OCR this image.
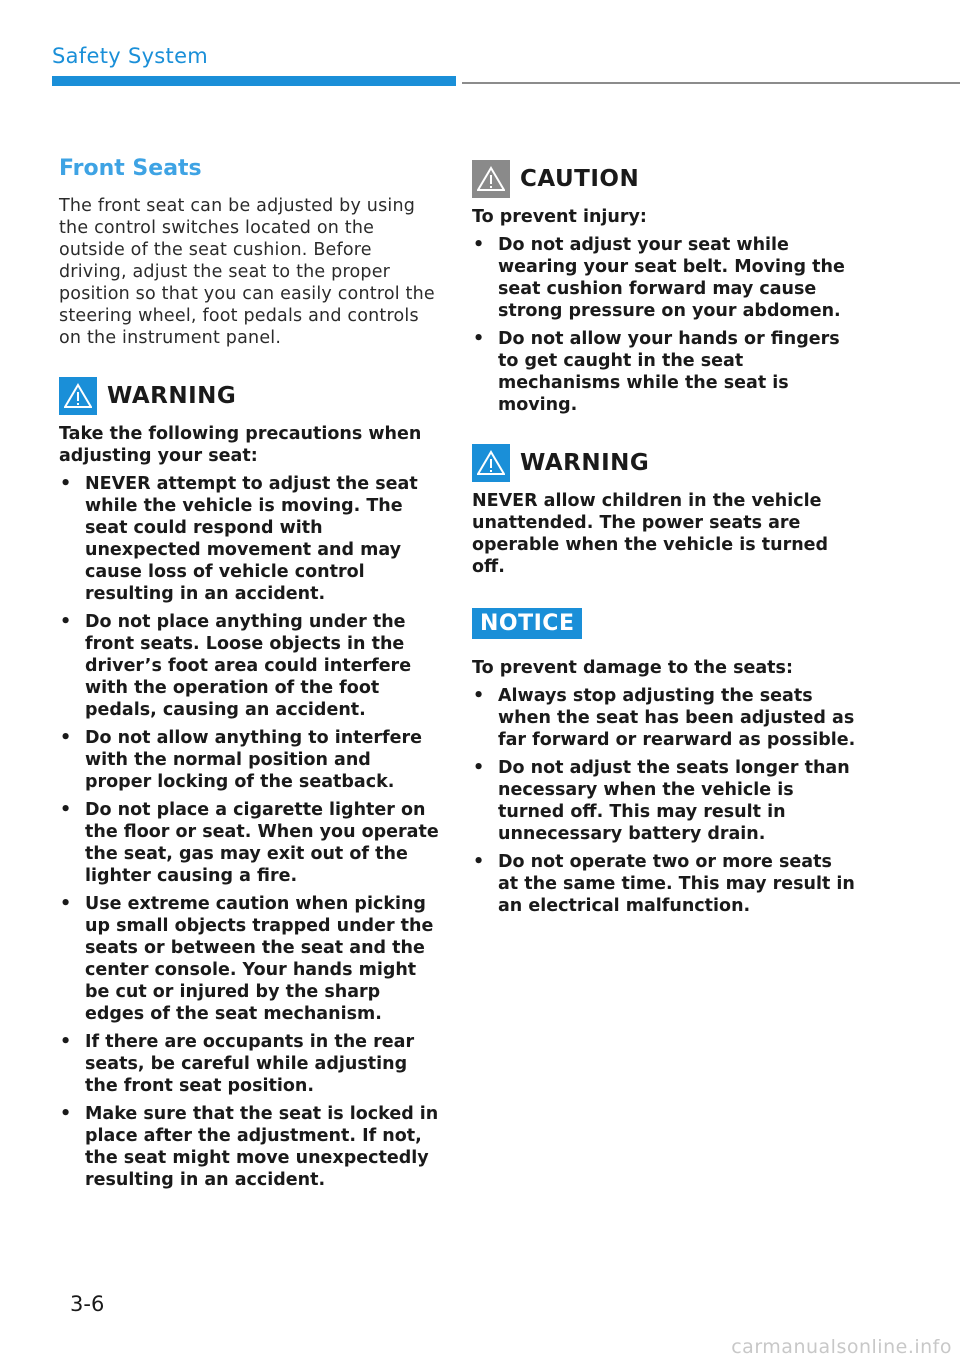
Safety System
Front Seats

The front seat can be adjusted by using the control switches located on the outside of the seat cushion. Before driving, adjust the seat to the proper position so that you can easily control the steering wheel, foot pedals and controls on the instrument panel.

WARNING

Take the following precautions when adjusting your seat:

• NEVER attempt to adjust the seat while the vehicle is moving. The seat could respond with unexpected movement and may cause loss of vehicle control resulting in an accident.
• Do not place anything under the front seats. Loose objects in the driver’s foot area could interfere with the operation of the foot pedals, causing an accident.
• Do not allow anything to interfere with the normal position and proper locking of the seatback.
• Do not place a cigarette lighter on the floor or seat. When you operate the seat, gas may exit out of the lighter causing a fire.
• Use extreme caution when picking up small objects trapped under the seats or between the seat and the center console. Your hands might be cut or injured by the sharp edges of the seat mechanism.
• If there are occupants in the rear seats, be careful while adjusting the front seat position.
• Make sure that the seat is locked in place after the adjustment. If not, the seat might move unexpectedly resulting in an accident.
CAUTION

To prevent injury:

• Do not adjust your seat while wearing your seat belt. Moving the seat cushion forward may cause strong pressure on your abdomen.
• Do not allow your hands or fingers to get caught in the seat mechanisms while the seat is moving.
WARNING

NEVER allow children in the vehicle unattended. The power seats are operable when the vehicle is turned off.

NOTICE

To prevent damage to the seats:

• Always stop adjusting the seats when the seat has been adjusted as far forward or rearward as possible.
• Do not adjust the seats longer than necessary when the vehicle is turned off. This may result in unnecessary battery drain.
• Do not operate two or more seats at the same time. This may result in an electrical malfunction.
3-6
carmanualsonline.info
